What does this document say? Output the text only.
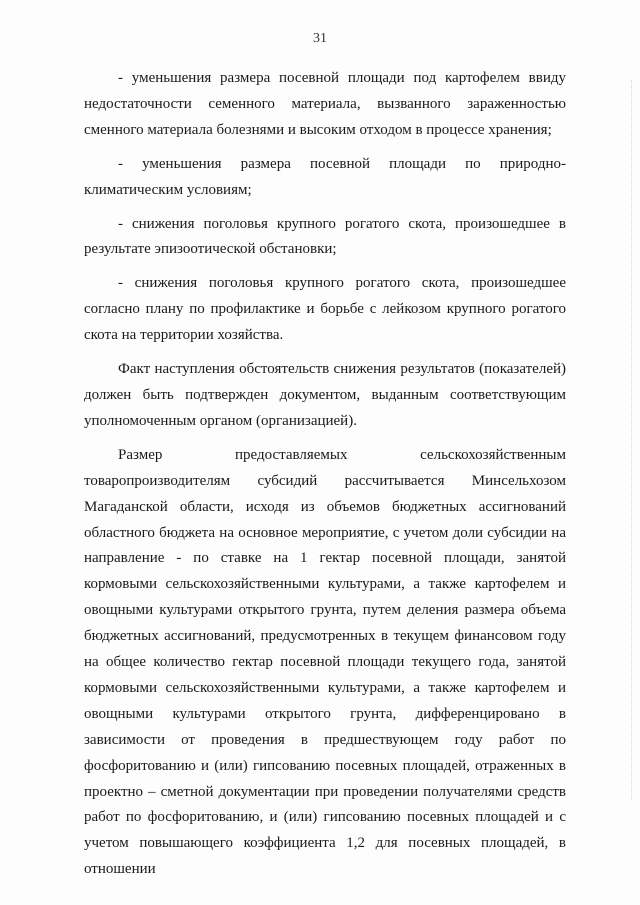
31

- уменьшения размера посевной площади под картофелем ввиду недостаточности семенного материала, вызванного зараженностью сменного материала болезнями и высоким отходом в процессе хранения;

- уменьшения размера посевной площади по природно-климатическим условиям;

- снижения поголовья крупного рогатого скота, произошедшее в результате эпизоотической обстановки;

- снижения поголовья крупного рогатого скота, произошедшее согласно плану по профилактике и борьбе с лейкозом крупного рогатого скота на территории хозяйства.

Факт наступления обстоятельств снижения результатов (показателей) должен быть подтвержден документом, выданным соответствующим уполномоченным органом (организацией).

Размер предоставляемых сельскохозяйственным товаропроизводителям субсидий рассчитывается Минсельхозом Магаданской области, исходя из объемов бюджетных ассигнований областного бюджета на основное мероприятие, с учетом доли субсидии на направление - по ставке на 1 гектар посевной площади, занятой кормовыми сельскохозяйственными культурами, а также картофелем и овощными культурами открытого грунта, путем деления размера объема бюджетных ассигнований, предусмотренных в текущем финансовом году на общее количество гектар посевной площади текущего года, занятой кормовыми сельскохозяйственными культурами, а также картофелем и овощными культурами открытого грунта, дифференцировано в зависимости от проведения в предшествующем году работ по фосфоритованию и (или) гипсованию посевных площадей, отраженных в проектно – сметной документации при проведении получателями средств работ по фосфоритованию, и (или) гипсованию посевных площадей и с учетом повышающего коэффициента 1,2 для посевных площадей, в отношении
